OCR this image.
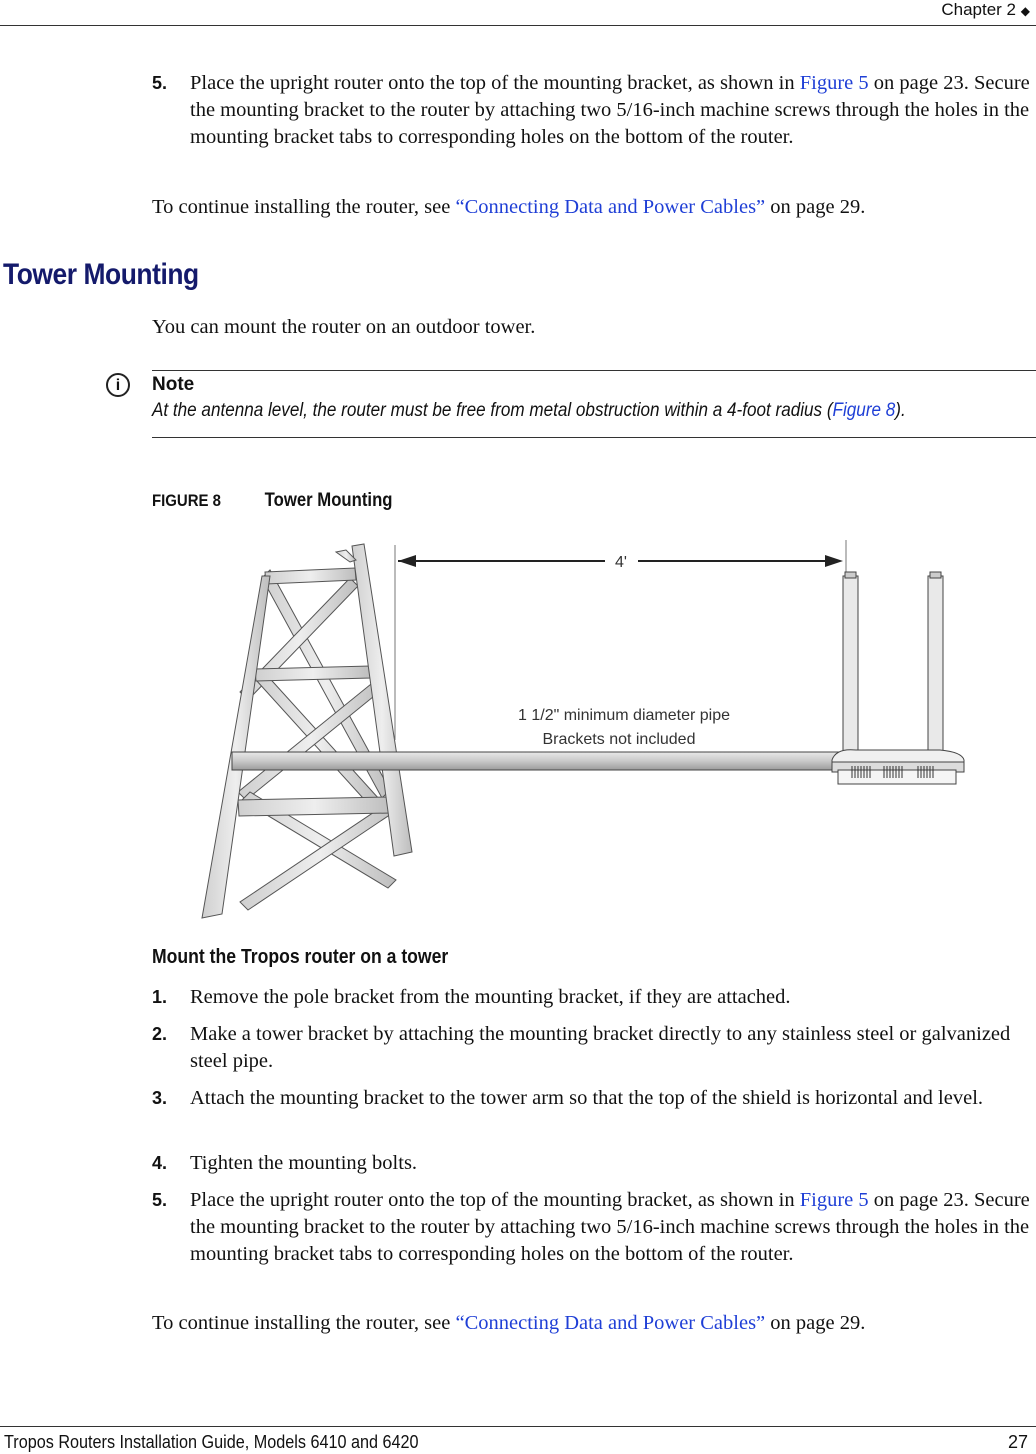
Chapter 2 ◆
5. Place the upright router onto the top of the mounting bracket, as shown in Figure 5 on page 23. Secure the mounting bracket to the router by attaching two 5/16-inch machine screws through the holes in the mounting bracket tabs to corresponding holes on the bottom of the router.
To continue installing the router, see “Connecting Data and Power Cables” on page 29.
Tower Mounting
You can mount the router on an outdoor tower.
i	Note
At the antenna level, the router must be free from metal obstruction within a 4-foot radius (Figure 8).
FIGURE 8 Tower Mounting
4'
1 1/2" minimum diameter pipe
Brackets not included
Mount the Tropos router on a tower
1. Remove the pole bracket from the mounting bracket, if they are attached.
2. Make a tower bracket by attaching the mounting bracket directly to any stainless steel or galvanized steel pipe.
3. Attach the mounting bracket to the tower arm so that the top of the shield is horizontal and level.
4. Tighten the mounting bolts.
5. Place the upright router onto the top of the mounting bracket, as shown in Figure 5 on page 23. Secure the mounting bracket to the router by attaching two 5/16-inch machine screws through the holes in the mounting bracket tabs to corresponding holes on the bottom of the router.
To continue installing the router, see “Connecting Data and Power Cables” on page 29.
Tropos Routers Installation Guide, Models 6410 and 6420	27
